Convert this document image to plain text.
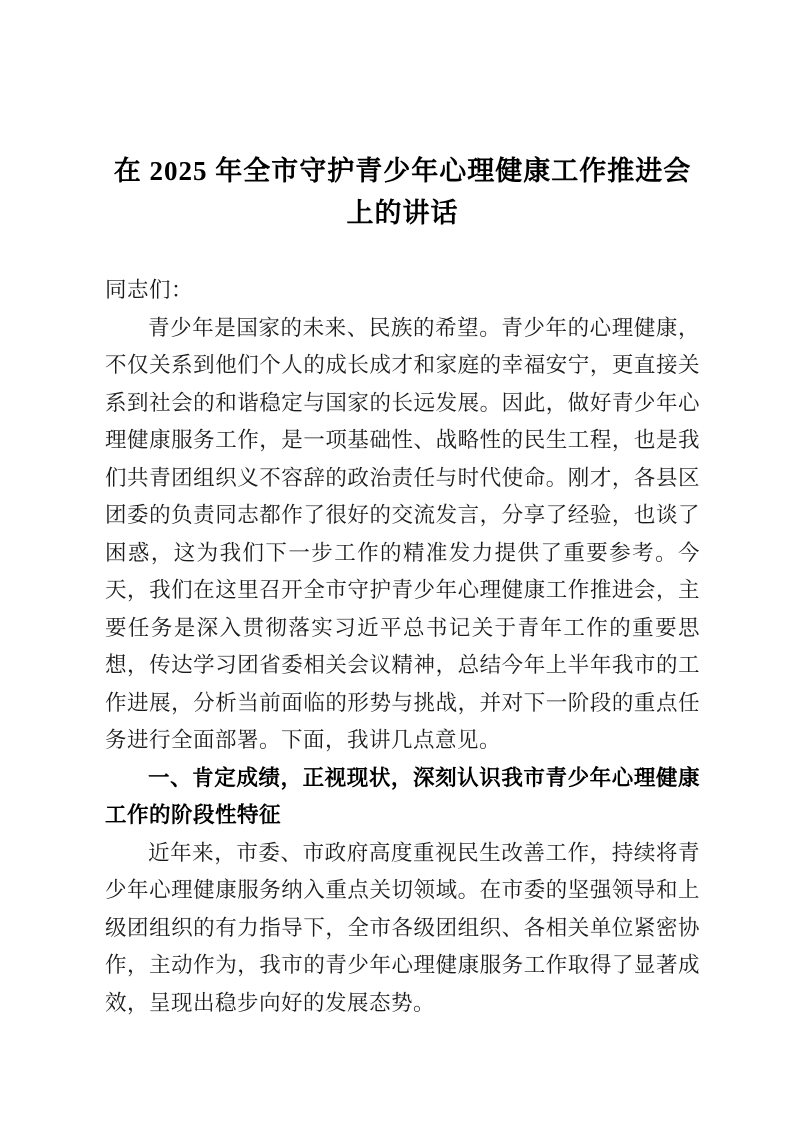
在 2025 年全市守护青少年心理健康工作推进会上的讲话

同志们：

青少年是国家的未来、民族的希望。青少年的心理健康，不仅关系到他们个人的成长成才和家庭的幸福安宁，更直接关系到社会的和谐稳定与国家的长远发展。因此，做好青少年心理健康服务工作，是一项基础性、战略性的民生工程，也是我们共青团组织义不容辞的政治责任与时代使命。刚才，各县区团委的负责同志都作了很好的交流发言，分享了经验，也谈了困惑，这为我们下一步工作的精准发力提供了重要参考。今天，我们在这里召开全市守护青少年心理健康工作推进会，主要任务是深入贯彻落实习近平总书记关于青年工作的重要思想，传达学习团省委相关会议精神，总结今年上半年我市的工作进展，分析当前面临的形势与挑战，并对下一阶段的重点任务进行全面部署。下面，我讲几点意见。

一、肯定成绩，正视现状，深刻认识我市青少年心理健康工作的阶段性特征

近年来，市委、市政府高度重视民生改善工作，持续将青少年心理健康服务纳入重点关切领域。在市委的坚强领导和上级团组织的有力指导下，全市各级团组织、各相关单位紧密协作，主动作为，我市的青少年心理健康服务工作取得了显著成效，呈现出稳步向好的发展态势。
